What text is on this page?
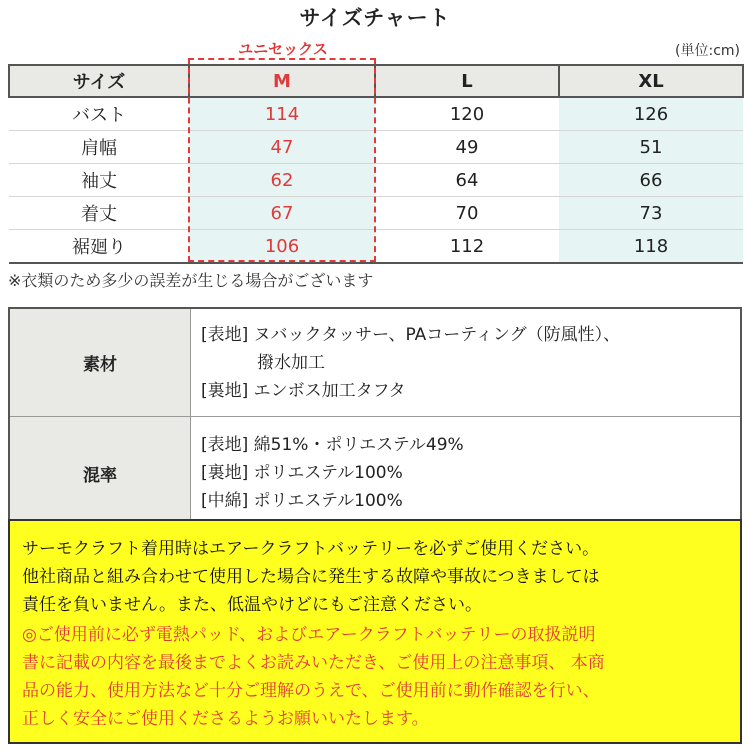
サイズチャート
ユニセックス	(単位:cm)
サイズ	M	L	XL
バスト	114	120	126
肩幅	47	49	51
袖丈	62	64	66
着丈	67	70	73
裾廻り	106	112	118
※衣類のため多少の誤差が生じる場合がございます
素材	[表地] ヌバックタッサー、PAコーティング（防風性）、
撥水加工
[裏地] エンボス加工タフタ

混率	[表地] 綿51%・ポリエステル49%
[裏地] ポリエステル100%
[中綿] ポリエステル100%

サーモクラフト着用時はエアークラフトバッテリーを必ずご使用ください。

他社商品と組み合わせて使用した場合に発生する故障や事故につきましては

責任を負いません。また、低温やけどにもご注意ください。

◎ご使用前に必ず電熱パッド、およびエアークラフトバッテリーの取扱説明

書に記載の内容を最後までよくお読みいただき、ご使用上の注意事項、 本商

品の能力、使用方法など十分ご理解のうえで、ご使用前に動作確認を行い、

正しく安全にご使用くださるようお願いいたします。
